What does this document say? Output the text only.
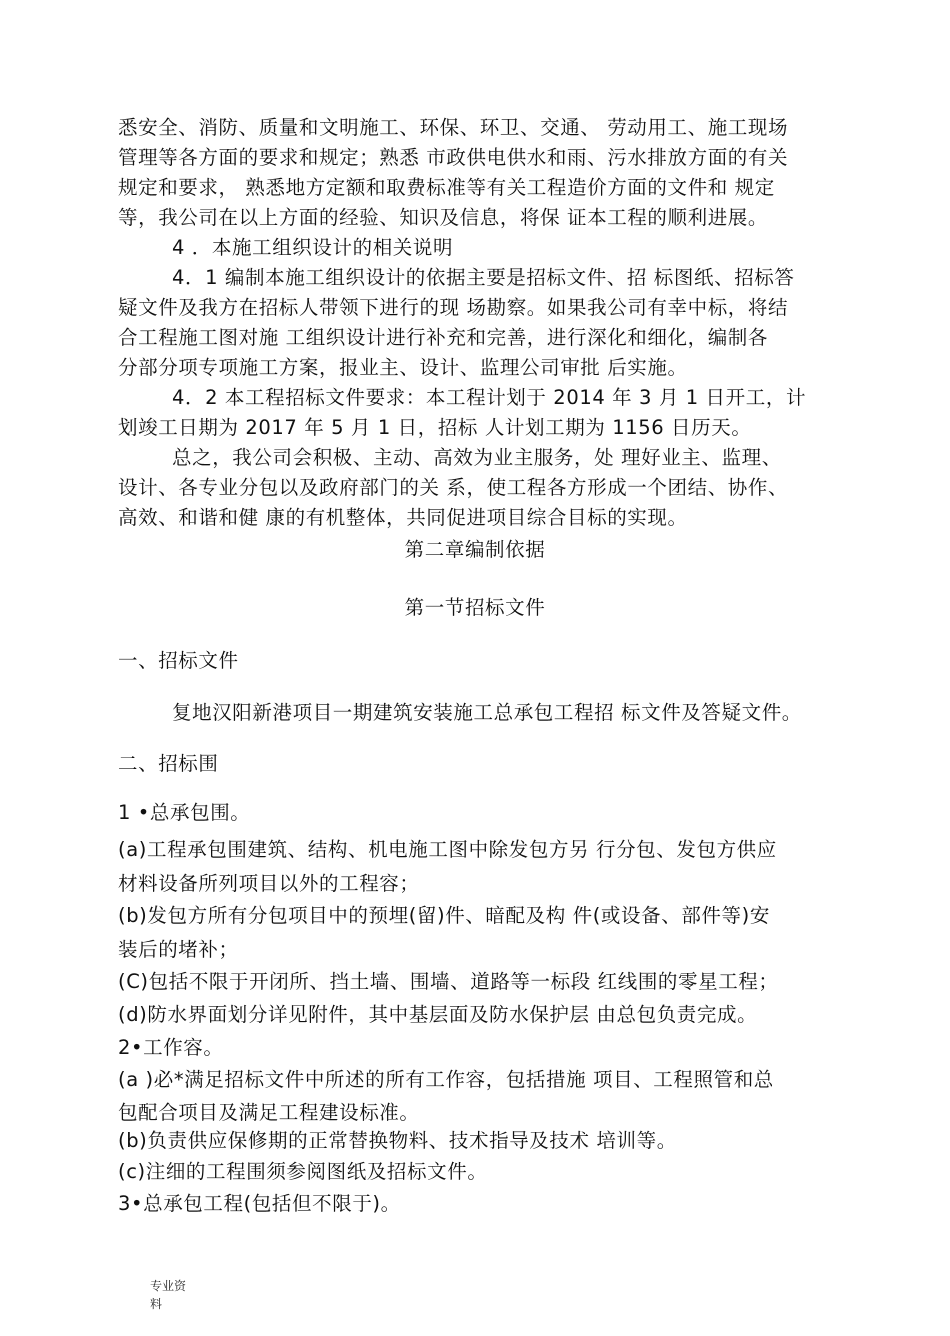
悉安全、消防、质量和文明施工、环保、环卫、交通、 劳动用工、施工现场
管理等各方面的要求和规定；熟悉 市政供电供水和雨、污水排放方面的有关
规定和要求， 熟悉地方定额和取费标准等有关工程造价方面的文件和 规定
等，我公司在以上方面的经验、知识及信息，将保 证本工程的顺利进展。
4 ．本施工组织设计的相关说明
4．1 编制本施工组织设计的依据主要是招标文件、招 标图纸、招标答
疑文件及我方在招标人带领下进行的现 场勘察。如果我公司有幸中标，将结
合工程施工图对施 工组织设计进行补充和完善，进行深化和细化，编制各
分部分项专项施工方案，报业主、设计、监理公司审批 后实施。
4．2 本工程招标文件要求：本工程计划于 2014 年 3 月 1 日开工，计
划竣工日期为 2017 年 5 月 1 日，招标 人计划工期为 1156 日历天。
总之，我公司会积极、主动、高效为业主服务，处 理好业主、监理、
设计、各专业分包以及政府部门的关 系，使工程各方形成一个团结、协作、
高效、和谐和健 康的有机整体，共同促进项目综合目标的实现。
第二章编制依据
第一节招标文件
一、招标文件
复地汉阳新港项目一期建筑安装施工总承包工程招 标文件及答疑文件。
二、招标围
1 •总承包围。
(a)工程承包围建筑、结构、机电施工图中除发包方另 行分包、发包方供应
材料设备所列项目以外的工程容；
(b)发包方所有分包项目中的预埋(留)件、暗配及构 件(或设备、部件等)安
装后的堵补；
(C)包括不限于开闭所、挡土墙、围墙、道路等一标段 红线围的零星工程；
(d)防水界面划分详见附件，其中基层面及防水保护层 由总包负责完成。
2•工作容。
(a )必*满足招标文件中所述的所有工作容，包括措施 项目、工程照管和总
包配合项目及满足工程建设标准。
(b)负责供应保修期的正常替换物料、技术指导及技术 培训等。
(c)注细的工程围须参阅图纸及招标文件。
3•总承包工程(包括但不限于)。
专业资
料
